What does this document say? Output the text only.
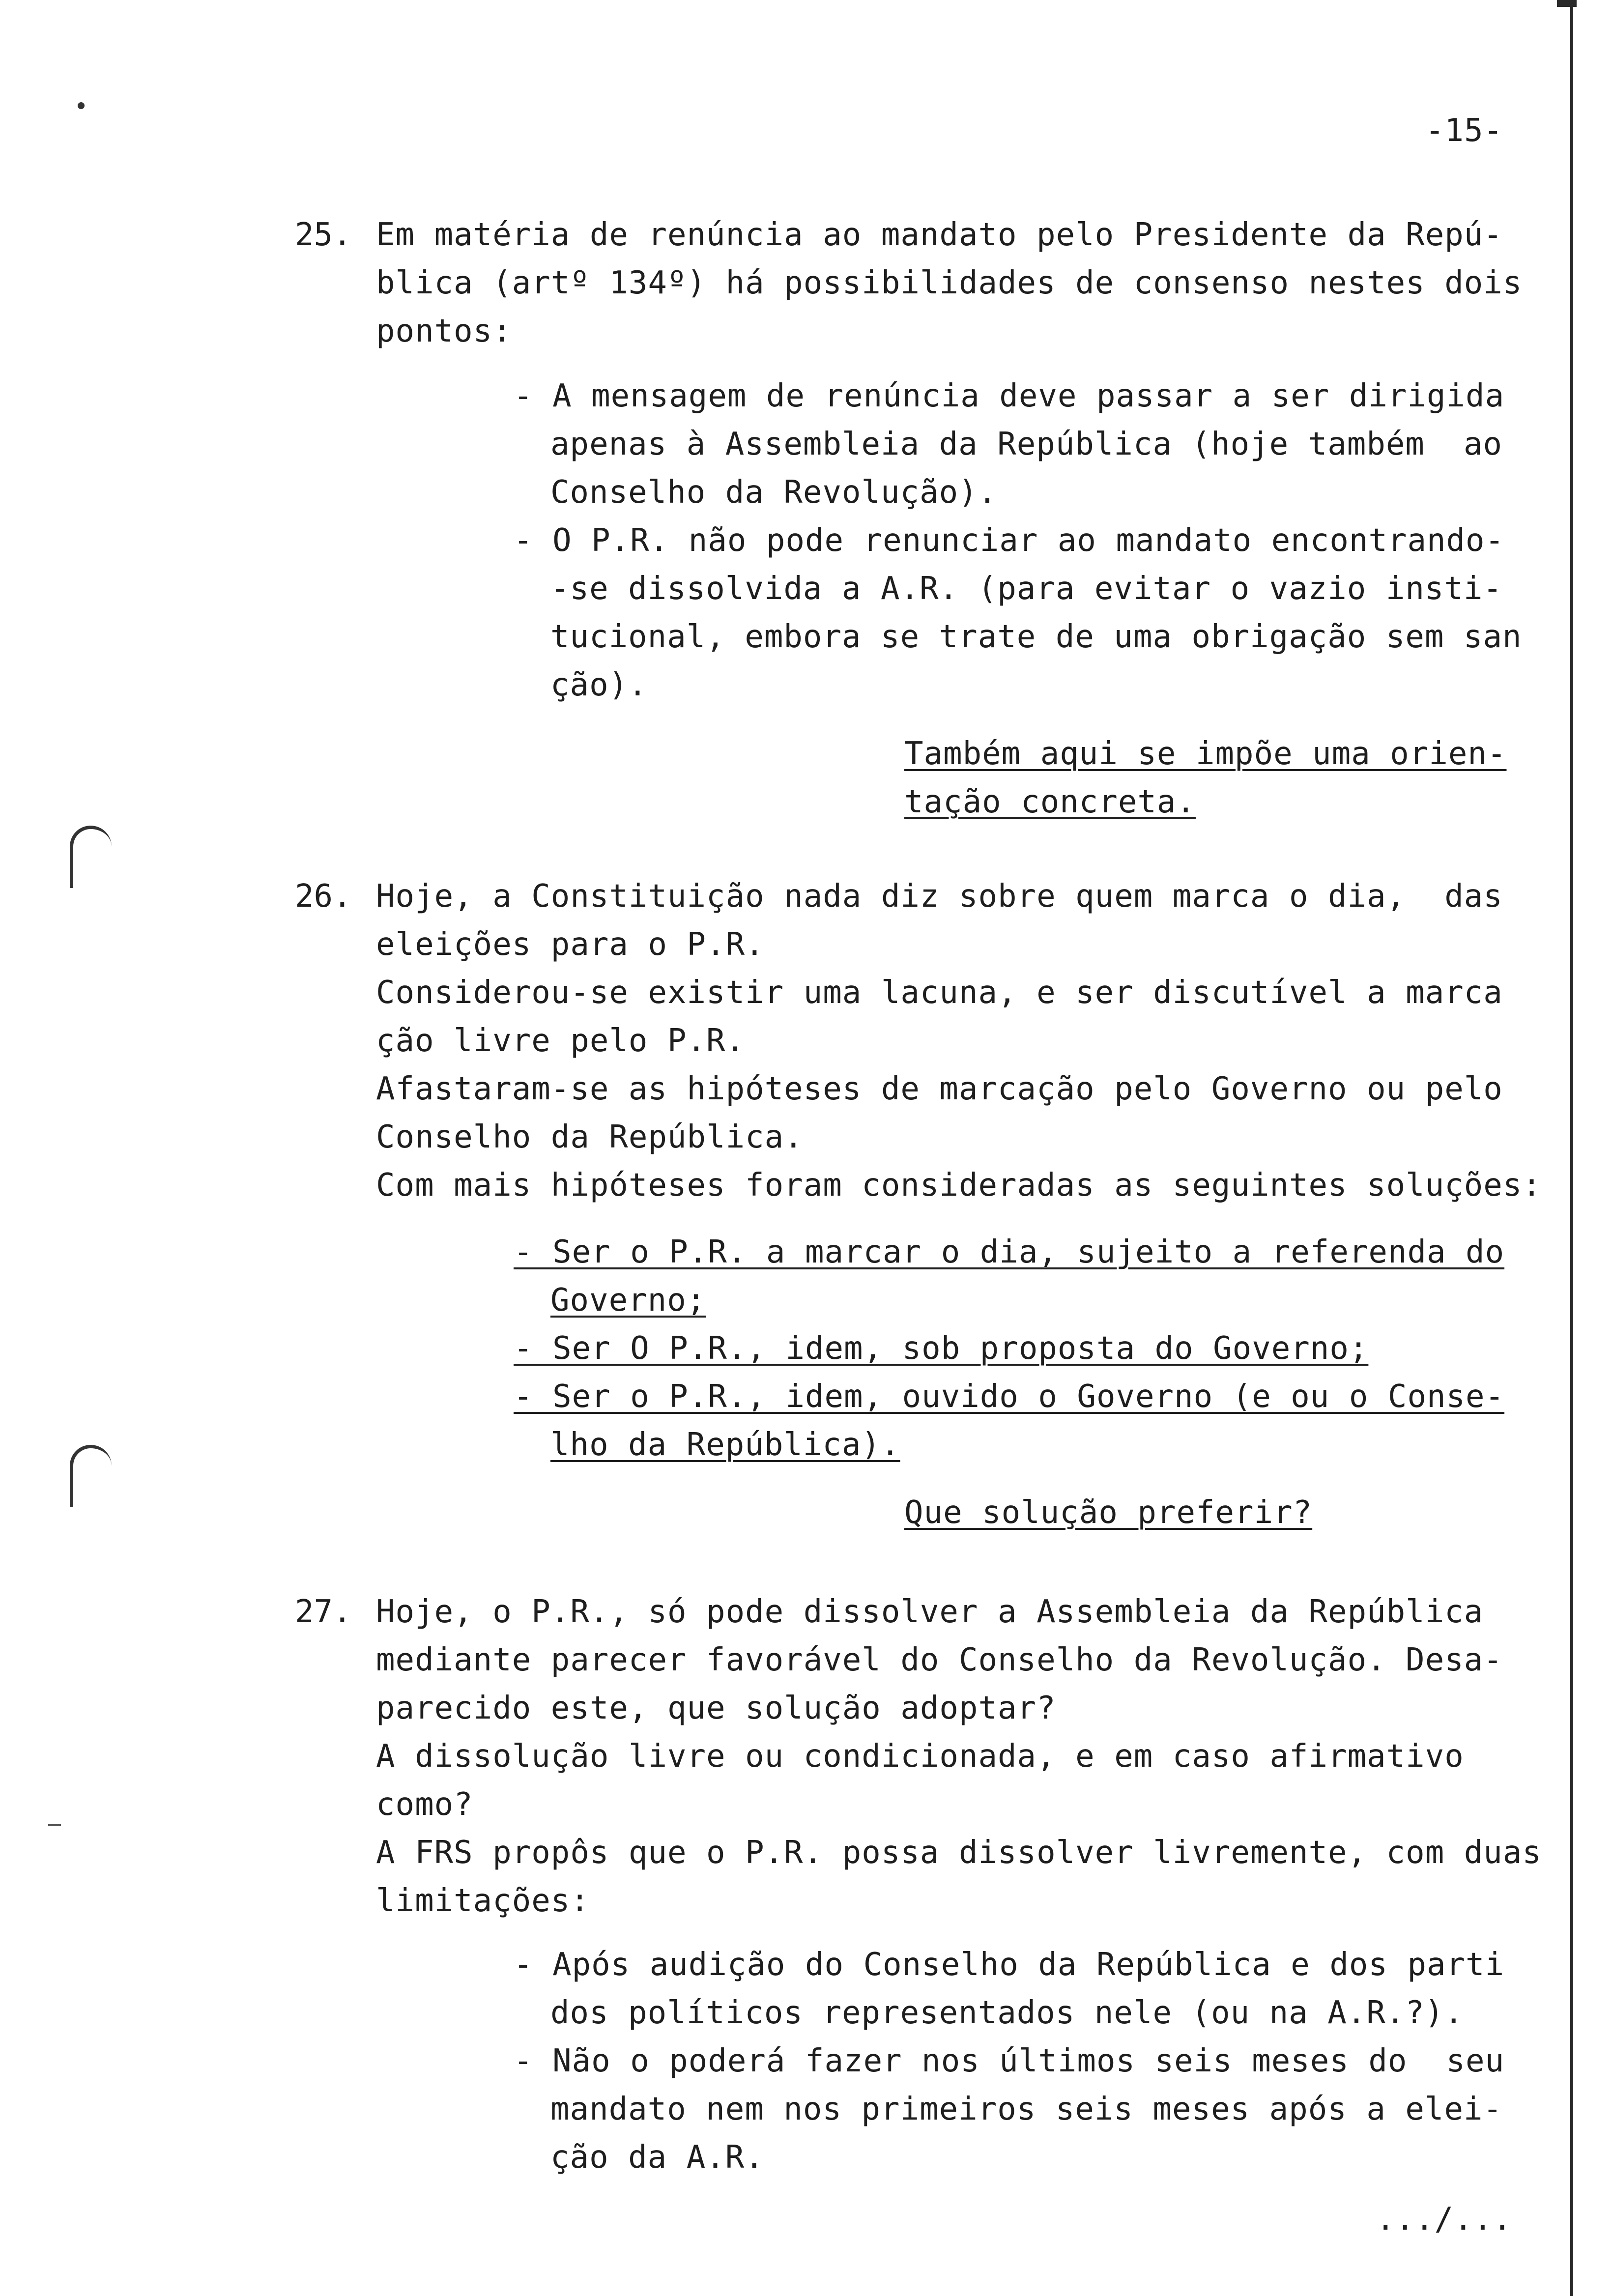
-15-
25. Em matéria de renúncia ao mandato pelo Presidente da Repú-
blica (artº 134º) há possibilidades de consenso nestes dois
pontos:
- A mensagem de renúncia deve passar a ser dirigida
apenas à Assembleia da República (hoje também  ao
Conselho da Revolução).
- O P.R. não pode renunciar ao mandato encontrando-
-se dissolvida a A.R. (para evitar o vazio insti-
tucional, embora se trate de uma obrigação sem san
ção).
Também aqui se impõe uma orien-
tação concreta.
26. Hoje, a Constituição nada diz sobre quem marca o dia,  das
eleições para o P.R.
Considerou-se existir uma lacuna, e ser discutível a marca
ção livre pelo P.R.
Afastaram-se as hipóteses de marcação pelo Governo ou pelo
Conselho da República.
Com mais hipóteses foram consideradas as seguintes soluções:
- Ser o P.R. a marcar o dia, sujeito a referenda do
Governo;
- Ser O P.R., idem, sob proposta do Governo;
- Ser o P.R., idem, ouvido o Governo (e ou o Conse-
lho da República).
Que solução preferir?
27. Hoje, o P.R., só pode dissolver a Assembleia da República
mediante parecer favorável do Conselho da Revolução. Desa-
parecido este, que solução adoptar?
A dissolução livre ou condicionada, e em caso afirmativo
como?
A FRS propôs que o P.R. possa dissolver livremente, com duas
limitações:
- Após audição do Conselho da República e dos parti
dos políticos representados nele (ou na A.R.?).
- Não o poderá fazer nos últimos seis meses do  seu
mandato nem nos primeiros seis meses após a elei-
ção da A.R.
.../...
